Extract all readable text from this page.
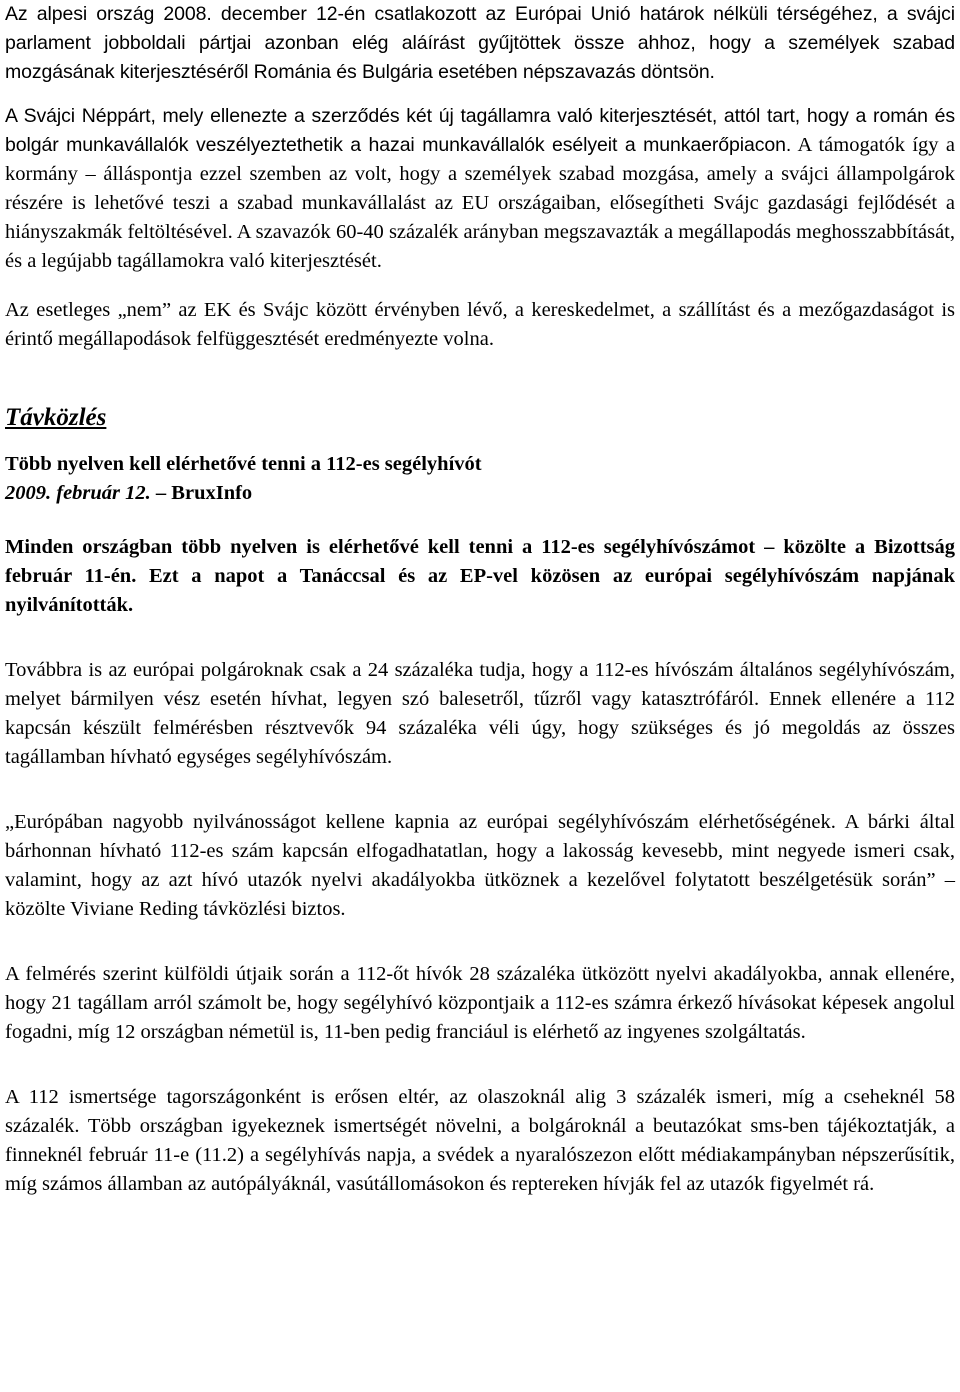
Az alpesi ország 2008. december 12-én csatlakozott az Európai Unió határok nélküli térségéhez, a svájci parlament jobboldali pártjai azonban elég aláírást gyűjtöttek össze ahhoz, hogy a személyek szabad mozgásának kiterjesztéséről Románia és Bulgária esetében népszavazás döntsön.

A Svájci Néppárt, mely ellenezte a szerződés két új tagállamra való kiterjesztését, attól tart, hogy a román és bolgár munkavállalók veszélyeztethetik a hazai munkavállalók esélyeit a munkaerőpiacon. A támogatók így a kormány – álláspontja ezzel szemben az volt, hogy a személyek szabad mozgása, amely a svájci állampolgárok részére is lehetővé teszi a szabad munkavállalást az EU országaiban, elősegítheti Svájc gazdasági fejlődését a hiányszakmák feltöltésével. A szavazók 60-40 százalék arányban megszavazták a megállapodás meghosszabbítását, és a legújabb tagállamokra való kiterjesztését.

Az esetleges „nem” az EK és Svájc között érvényben lévő, a kereskedelmet, a szállítást és a mezőgazdaságot is érintő megállapodások felfüggesztését eredményezte volna.

Távközlés
Több nyelven kell elérhetővé tenni a 112-es segélyhívót
2009. február 12. – BruxInfo

Minden országban több nyelven is elérhetővé kell tenni a 112-es segélyhívószámot – közölte a Bizottság február 11-én. Ezt a napot a Tanáccsal és az EP-vel közösen az európai segélyhívószám napjának nyilvánították.

Továbbra is az európai polgároknak csak a 24 százaléka tudja, hogy a 112-es hívószám általános segélyhívószám, melyet bármilyen vész esetén hívhat, legyen szó balesetről, tűzről vagy katasztrófáról. Ennek ellenére a 112 kapcsán készült felmérésben résztvevők 94 százaléka véli úgy, hogy szükséges és jó megoldás az összes tagállamban hívható egységes segélyhívószám.

„Európában nagyobb nyilvánosságot kellene kapnia az európai segélyhívószám elérhetőségének. A bárki által bárhonnan hívható 112-es szám kapcsán elfogadhatatlan, hogy a lakosság kevesebb, mint negyede ismeri csak, valamint, hogy az azt hívó utazók nyelvi akadályokba ütköznek a kezelővel folytatott beszélgetésük során” – közölte Viviane Reding távközlési biztos.

A felmérés szerint külföldi útjaik során a 112-őt hívók 28 százaléka ütközött nyelvi akadályokba, annak ellenére, hogy 21 tagállam arról számolt be, hogy segélyhívó központjaik a 112-es számra érkező hívásokat képesek angolul fogadni, míg 12 országban németül is, 11-ben pedig franciául is elérhető az ingyenes szolgáltatás.

A 112 ismertsége tagországonként is erősen eltér, az olaszoknál alig 3 százalék ismeri, míg a cseheknél 58 százalék. Több országban igyekeznek ismertségét növelni, a bolgároknál a beutazókat sms-ben tájékoztatják, a finneknél február 11-e (11.2) a segélyhívás napja, a svédek a nyaralószezon előtt médiakampányban népszerűsítik, míg számos államban az autópályáknál, vasútállomásokon és reptereken hívják fel az utazók figyelmét rá.
